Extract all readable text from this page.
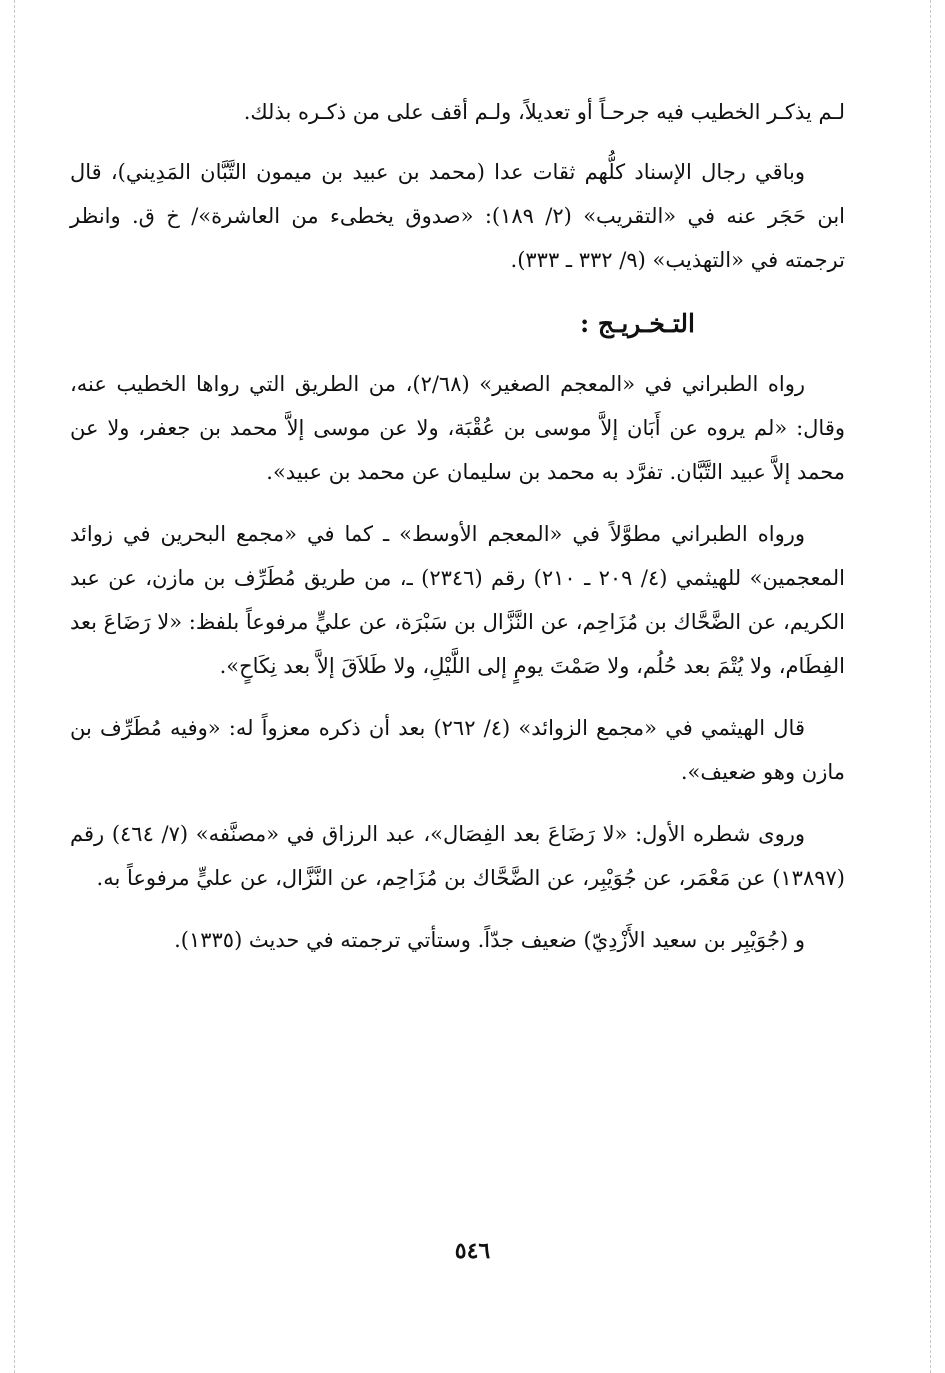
لـم يذكـر الخطيب فيه جرحـاً أو تعديلاً، ولـم أقف على من ذكـره بذلك.

وباقي رجال الإسناد كلُّهم ثقات عدا (محمد بن عبيد بن ميمون التَّبَّان المَدِيني)، قال ابن حَجَر عنه في «التقريب» (٢/ ١٨٩): «صدوق يخطىء من العاشرة»/ خ ق. وانظر ترجمته في «التهذيب» (٩/ ٣٣٢ ـ ٣٣٣).

التـخـريـج :

رواه الطبراني في «المعجم الصغير» (٢/٦٨)، من الطريق التي رواها الخطيب عنه، وقال: «لم يروه عن أَبَان إلاَّ موسى بن عُقْبَة، ولا عن موسى إلاَّ محمد بن جعفر، ولا عن محمد إلاَّ عبيد التَّبَّان. تفرَّد به محمد بن سليمان عن محمد بن عبيد».

ورواه الطبراني مطوَّلاً في «المعجم الأوسط» ـ كما في «مجمع البحرين في زوائد المعجمين» للهيثمي (٤/ ٢٠٩ ـ ٢١٠) رقم (٢٣٤٦) ـ، من طريق مُطَرِّف بن مازن، عن عبد الكريم، عن الضَّحَّاك بن مُزَاحِم، عن النَّزَّال بن سَبْرَة، عن عليٍّ مرفوعاً بلفظ: «لا رَضَاعَ بعد الفِطَام، ولا يُتْمَ بعد حُلُم، ولا صَمْتَ يومٍ إلى اللَّيْلِ، ولا طَلاَقَ إلاَّ بعد نِكَاحٍ».

قال الهيثمي في «مجمع الزوائد» (٤/ ٢٦٢) بعد أن ذكره معزواً له: «وفيه مُطَرِّف بن مازن وهو ضعيف».

وروى شطره الأول: «لا رَضَاعَ بعد الفِصَال»، عبد الرزاق في «مصنَّفه» (٧/ ٤٦٤) رقم (١٣٨٩٧) عن مَعْمَر، عن جُوَيْبِر، عن الضَّحَّاك بن مُزَاحِم، عن النَّزَّال، عن عليٍّ مرفوعاً به.

و (جُوَيْبِر بن سعيد الأَزْدِيّ) ضعيف جدّاً. وستأتي ترجمته في حديث (١٣٣٥).

٥٤٦
